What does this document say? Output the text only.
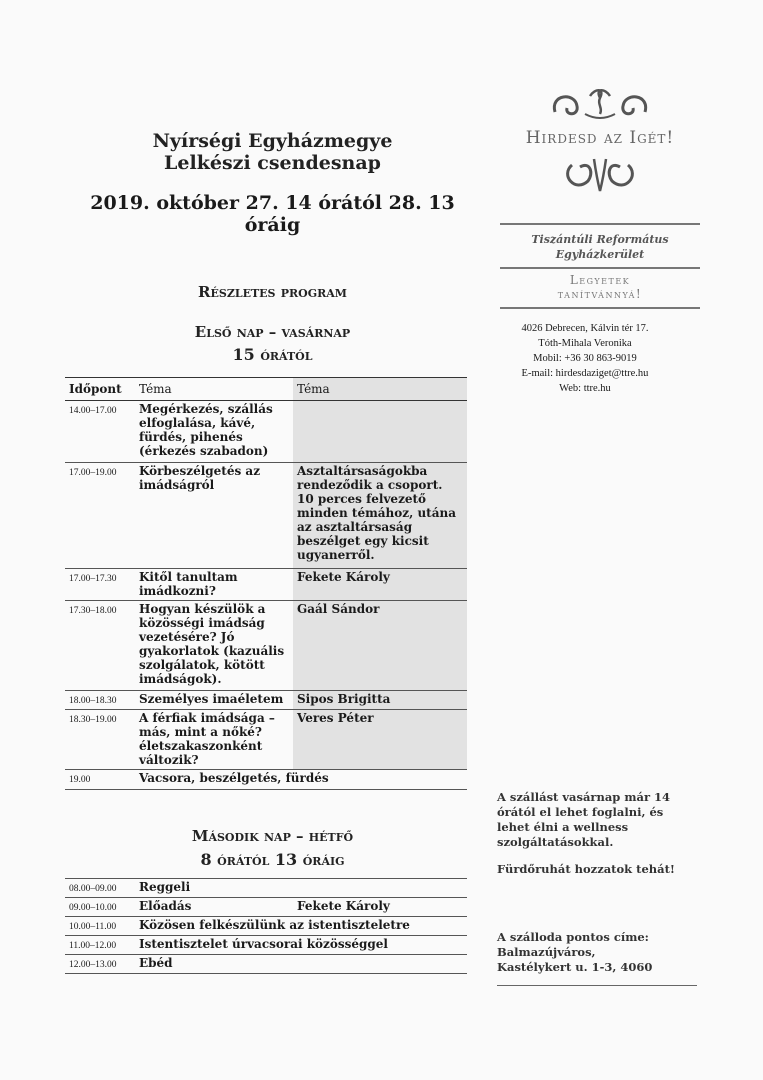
Nyírségi Egyházmegye
Lelkészi csendesnap
2019. október 27. 14 órától 28. 13 óráig
Hirdesd az Igét!
Tiszántúli Református
Egyházkerület
Legyetek
tanítvánnyá!
4026 Debrecen, Kálvin tér 17.
Tóth-Mihala Veronika
Mobil: +36 30 863-9019
E-mail: hirdesdaziget@ttre.hu
Web: ttre.hu
Részletes program
Első nap – vasárnap
15 órától
Időpont	Téma	Téma
14.00–17.00	Megérkezés, szállás elfoglalása, kávé, fürdés, pihenés (érkezés szabadon)	
17.00–19.00	Körbeszélgetés az imádságról	Asztaltársaságokba rendeződik a csoport. 10 perces felvezető minden témához, utána az asztaltársaság beszélget egy kicsit ugyanerről.
17.00–17.30	Kitől tanultam imádkozni?	Fekete Károly
17.30–18.00	Hogyan készülök a közösségi imádság vezetésére? Jó gyakorlatok (kazuális szolgálatok, kötött imádságok).	Gaál Sándor
18.00–18.30	Személyes imaéletem	Sipos Brigitta
18.30–19.00	A férfiak imádsága – más, mint a nőké? életszakaszonként változik?	Veres Péter
19.00	Vacsora, beszélgetés, fürdés	
Második nap – hétfő
8 órától 13 óráig
08.00–09.00	Reggeli	
09.00–10.00	Előadás	Fekete Károly
10.00–11.00	Közösen felkészülünk az istentiszteletre	
11.00–12.00	Istentisztelet úrvacsorai közösséggel	
12.00–13.00	Ebéd	
A szállást vasárnap már 14 órától el lehet foglalni, és lehet élni a wellness szolgáltatásokkal.
Fürdőruhát hozzatok tehát!
A szálloda pontos címe:
Balmazújváros,
Kastélykert u. 1-3, 4060
